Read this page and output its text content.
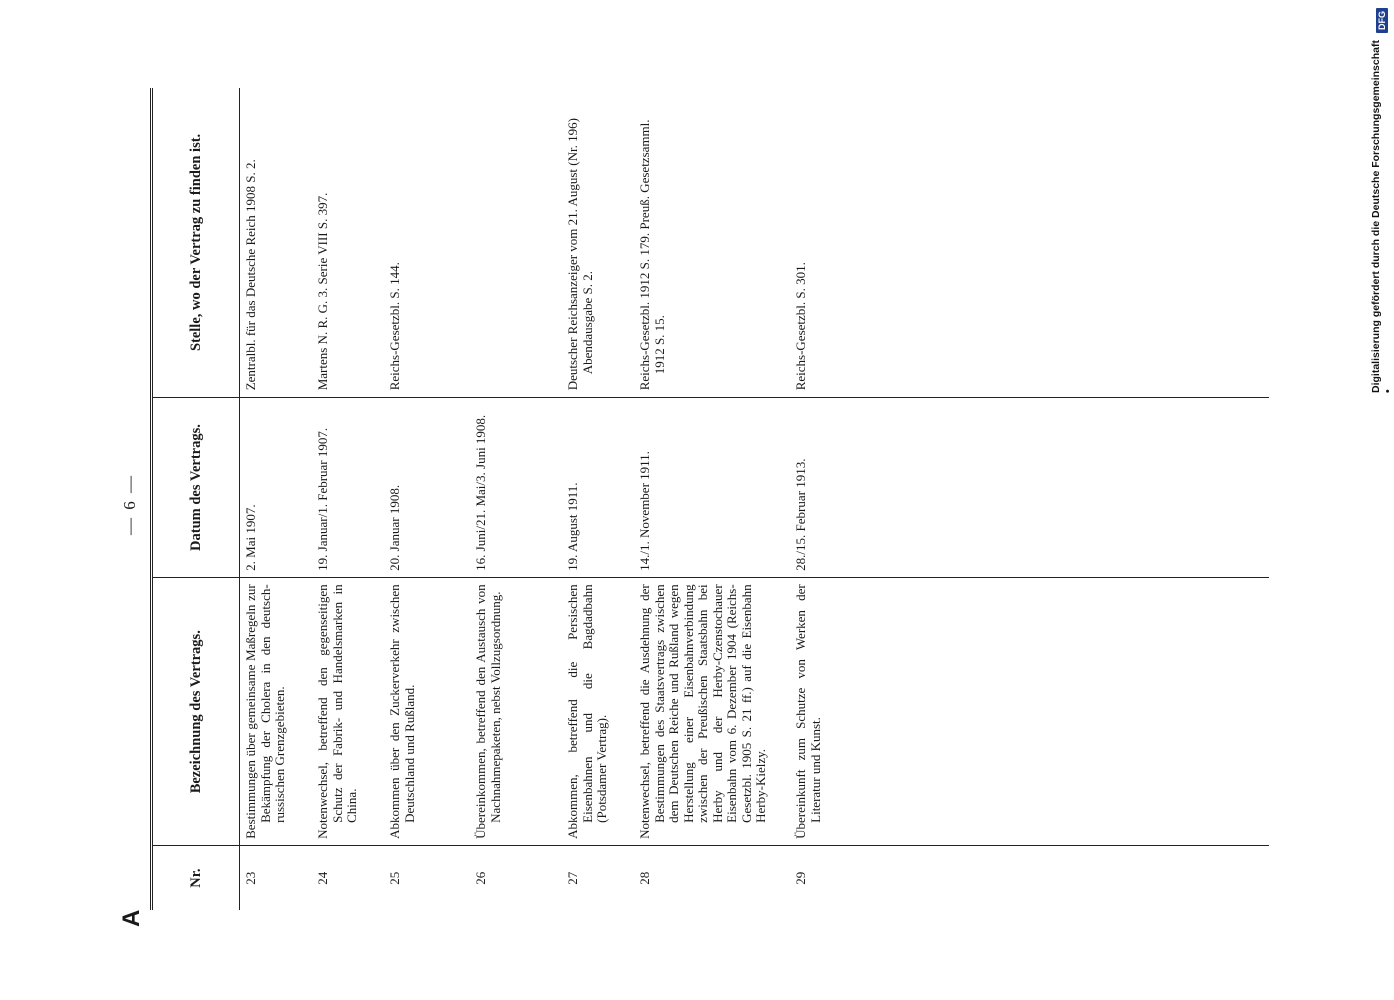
Digitalisierung gefördert durch die Deutsche Forschungsgemeinschaft •
DFG
A
— 6 —
Nr.
Bezeichnung des Vertrags.
Datum des Vertrags.
Stelle, wo der Vertrag zu finden ist.
23
Bestimmungen über gemeinsame Maßregeln zur Bekämpfung der Cholera in den deutsch-russischen Grenzgebieten.
2. Mai 1907.
Zentralbl. für das Deutsche Reich 1908 S. 2.
24
Notenwechsel, betreffend den gegenseitigen Schutz der Fabrik- und Handelsmarken in China.
19. Januar/1. Februar 1907.
Martens N. R. G. 3. Serie VIII S. 397.
25
Abkommen über den Zuckerverkehr zwischen Deutschland und Rußland.
20. Januar 1908.
Reichs-Gesetzbl. S. 144.
26
Übereinkommen, betreffend den Austausch von Nachnahmepaketen, nebst Vollzugsordnung.
16. Juni/21. Mai/3. Juni 1908.
27
Abkommen, betreffend die Persischen Eisenbahnen und die Bagdadbahn (Potsdamer Vertrag).
19. August 1911.
Deutscher Reichsanzeiger vom 21. August (Nr. 196) Abendausgabe S. 2.
28
Notenwechsel, betreffend die Ausdehnung der Bestimmungen des Staatsvertrags zwischen dem Deutschen Reiche und Rußland wegen Herstellung einer Eisenbahnverbindung zwischen der Preußischen Staatsbahn bei Herby und der Herby-Czenstochauer Eisenbahn vom 6. Dezember 1904 (Reichs-Gesetzbl. 1905 S. 21 ff.) auf die Eisenbahn Herby-Kielzy.
14./1. November 1911.
Reichs-Gesetzbl. 1912 S. 179. Preuß. Gesetzsamml. 1912 S. 15.
29
Übereinkunft zum Schutze von Werken der Literatur und Kunst.
28./15. Februar 1913.
Reichs-Gesetzbl. S. 301.
